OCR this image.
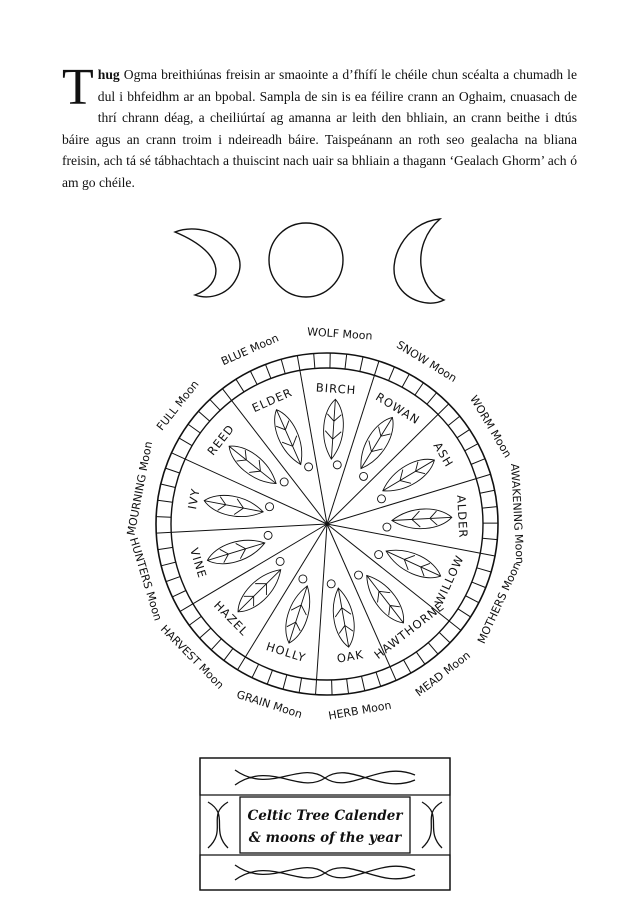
Thug Ogma breithiúnas freisin ar smaointe a d’fhífí le chéile chun scéalta a chumadh le dul i bhfeidhm ar an bpobal. Sampla de sin is ea féilire crann an Oghaim, cnuasach de thrí chrann déag, a cheiliúrtaí ag amanna ar leith den bhliain, an crann beithe i dtús báire agus an crann troim i ndeireadh báire. Taispeánann an roth seo gealacha na bliana freisin, ach tá sé tábhachtach a thuiscint nach uair sa bhliain a thagann ‘Gealach Ghorm’ ach ó am go chéile.

BIRCH
ROWAN
ASH
ALDER
WILLOW
HAWTHORNE
OAK
HOLLY
HAZEL
VINE
IVY
REED
ELDER
WOLF Moon
SNOW Moon
WORM Moon
AWAKENING Moon
MOTHERS Moon
MEAD Moon
HERB Moon
GRAIN Moon
HARVEST Moon
HUNTERS Moon
MOURNING Moon
FULL Moon
BLUE Moon
Celtic Tree Calender
& moons of the year
